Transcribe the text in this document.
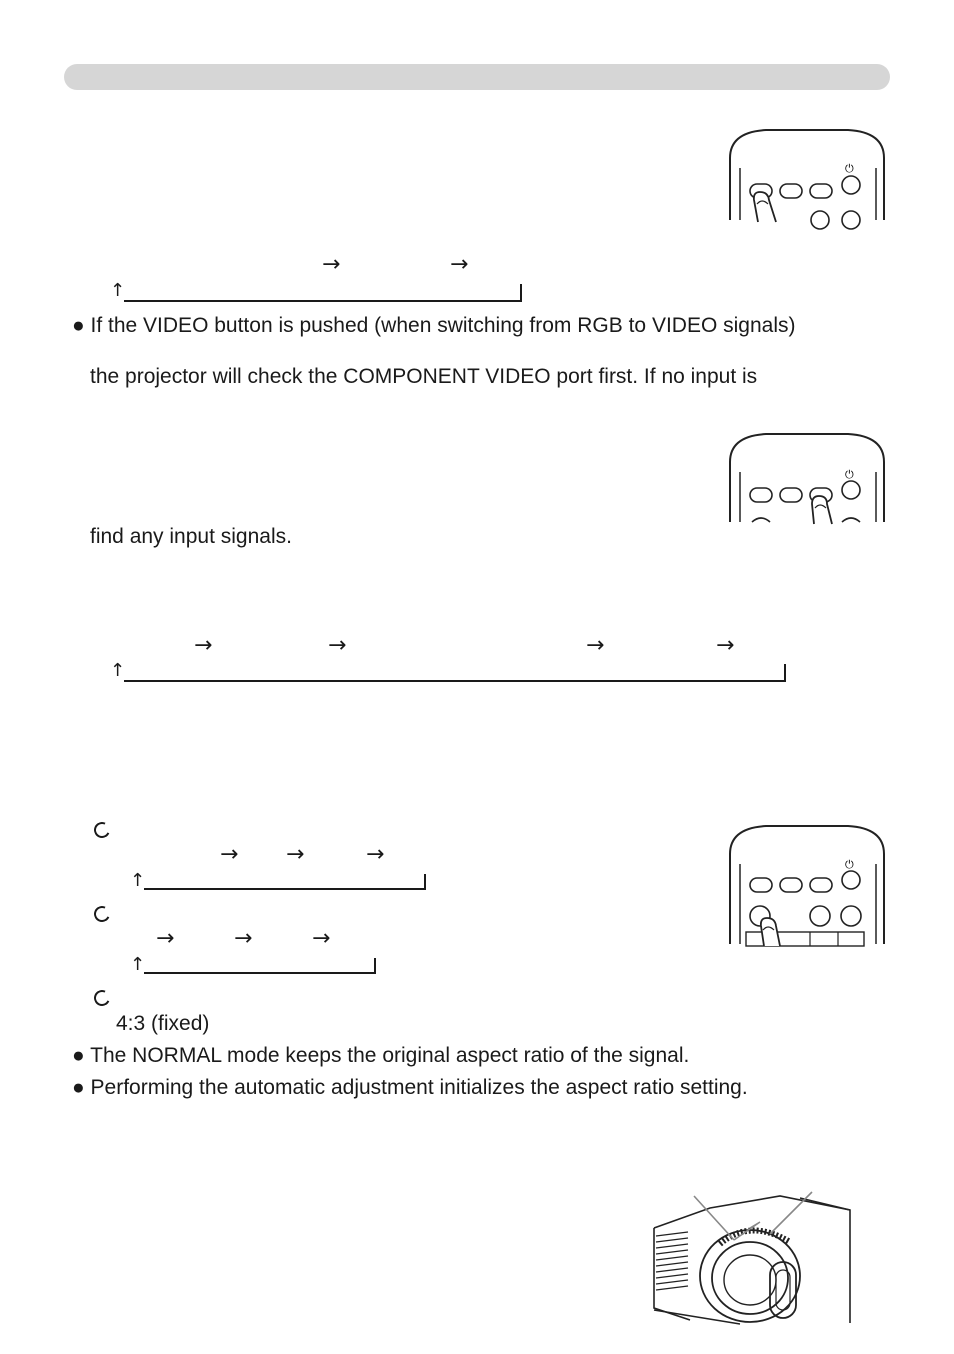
⏻
→	→
↑
● If the VIDEO button is pushed (when switching from RGB to VIDEO signals)
the projector will check the COMPONENT VIDEO port first. If no input is
⏻
find any input signals.
→	→	→	→
↑
→ →	→
↑
→	→	→
↑
4:3 (fixed)
⏻
● The NORMAL mode keeps the original aspect ratio of the signal.
● Performing the automatic adjustment initializes the aspect ratio setting.
